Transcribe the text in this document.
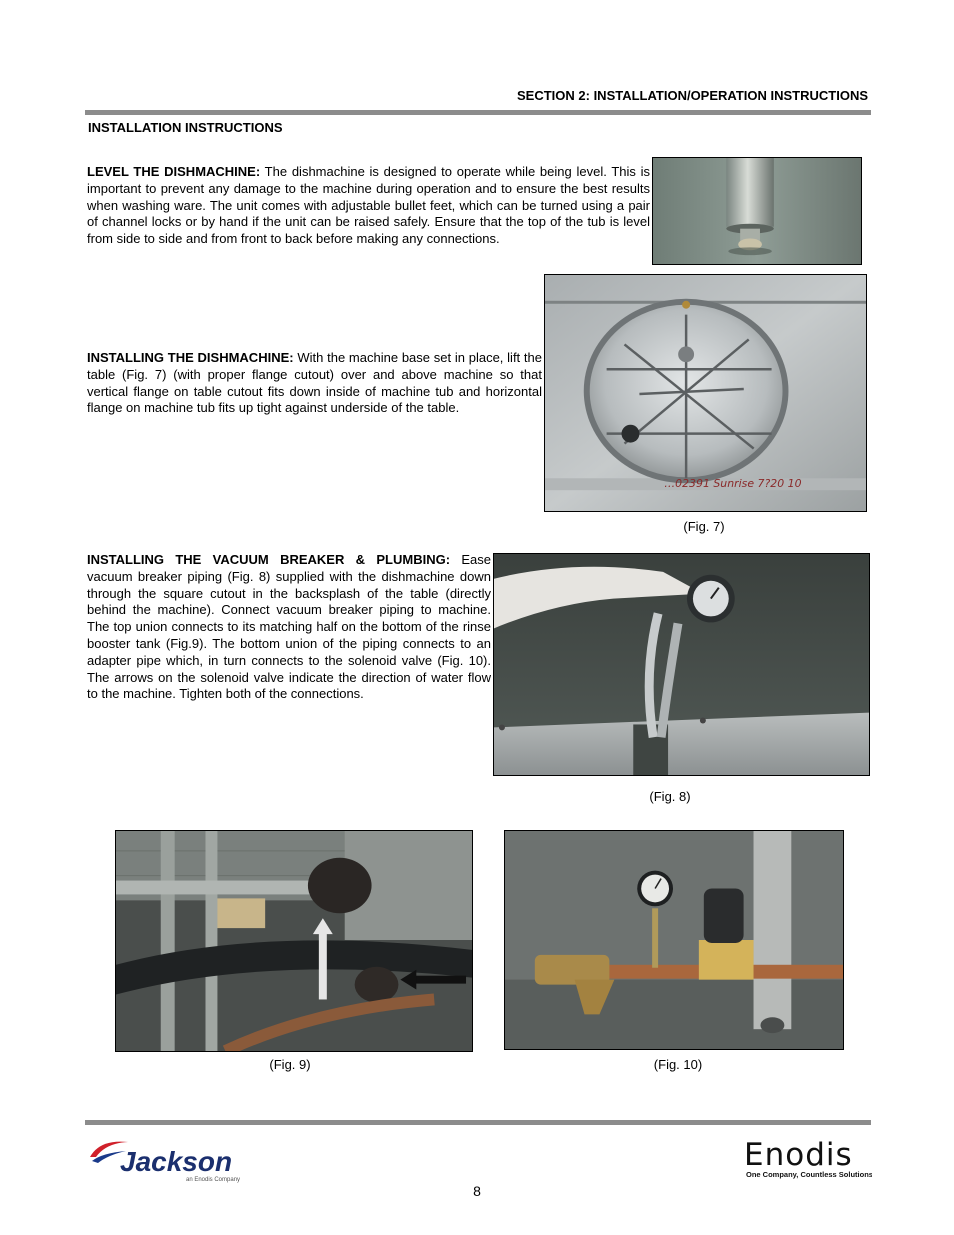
SECTION 2: INSTALLATION/OPERATION INSTRUCTIONS
INSTALLATION INSTRUCTIONS
LEVEL THE DISHMACHINE: The dishmachine is designed to operate while being level. This is important to prevent any damage to the machine during operation and to ensure the best results when washing ware. The unit comes with adjustable bullet feet, which can be turned using a pair of channel locks or by hand if the unit can be raised safely. Ensure that the top of the tub is level from side to side and from front to back before making any connections.
INSTALLING THE DISHMACHINE: With the machine base set in place, lift the table (Fig. 7) (with proper flange cutout) over and above machine so that vertical flange on table cutout fits down inside of machine tub and horizontal flange on machine tub fits up tight against underside of the table.
…02391 Sunrise 7?20 10
(Fig. 7)
INSTALLING THE VACUUM BREAKER & PLUMBING: Ease vacuum breaker piping (Fig. 8) supplied with the dishmachine down through the square cutout in the backsplash of the table (directly behind the machine). Connect vacuum breaker piping to machine. The top union connects to its matching half on the bottom of the rinse booster tank (Fig.9). The bottom union of the piping connects to an adapter pipe which, in turn connects to the solenoid valve (Fig. 10). The arrows on the solenoid valve indicate the direction of water flow to the machine. Tighten both of the connections.
(Fig. 8)
(Fig. 9)	(Fig. 10)
Jackson
an Enodis Company
8
Enodis
One Company, Countless Solutions
